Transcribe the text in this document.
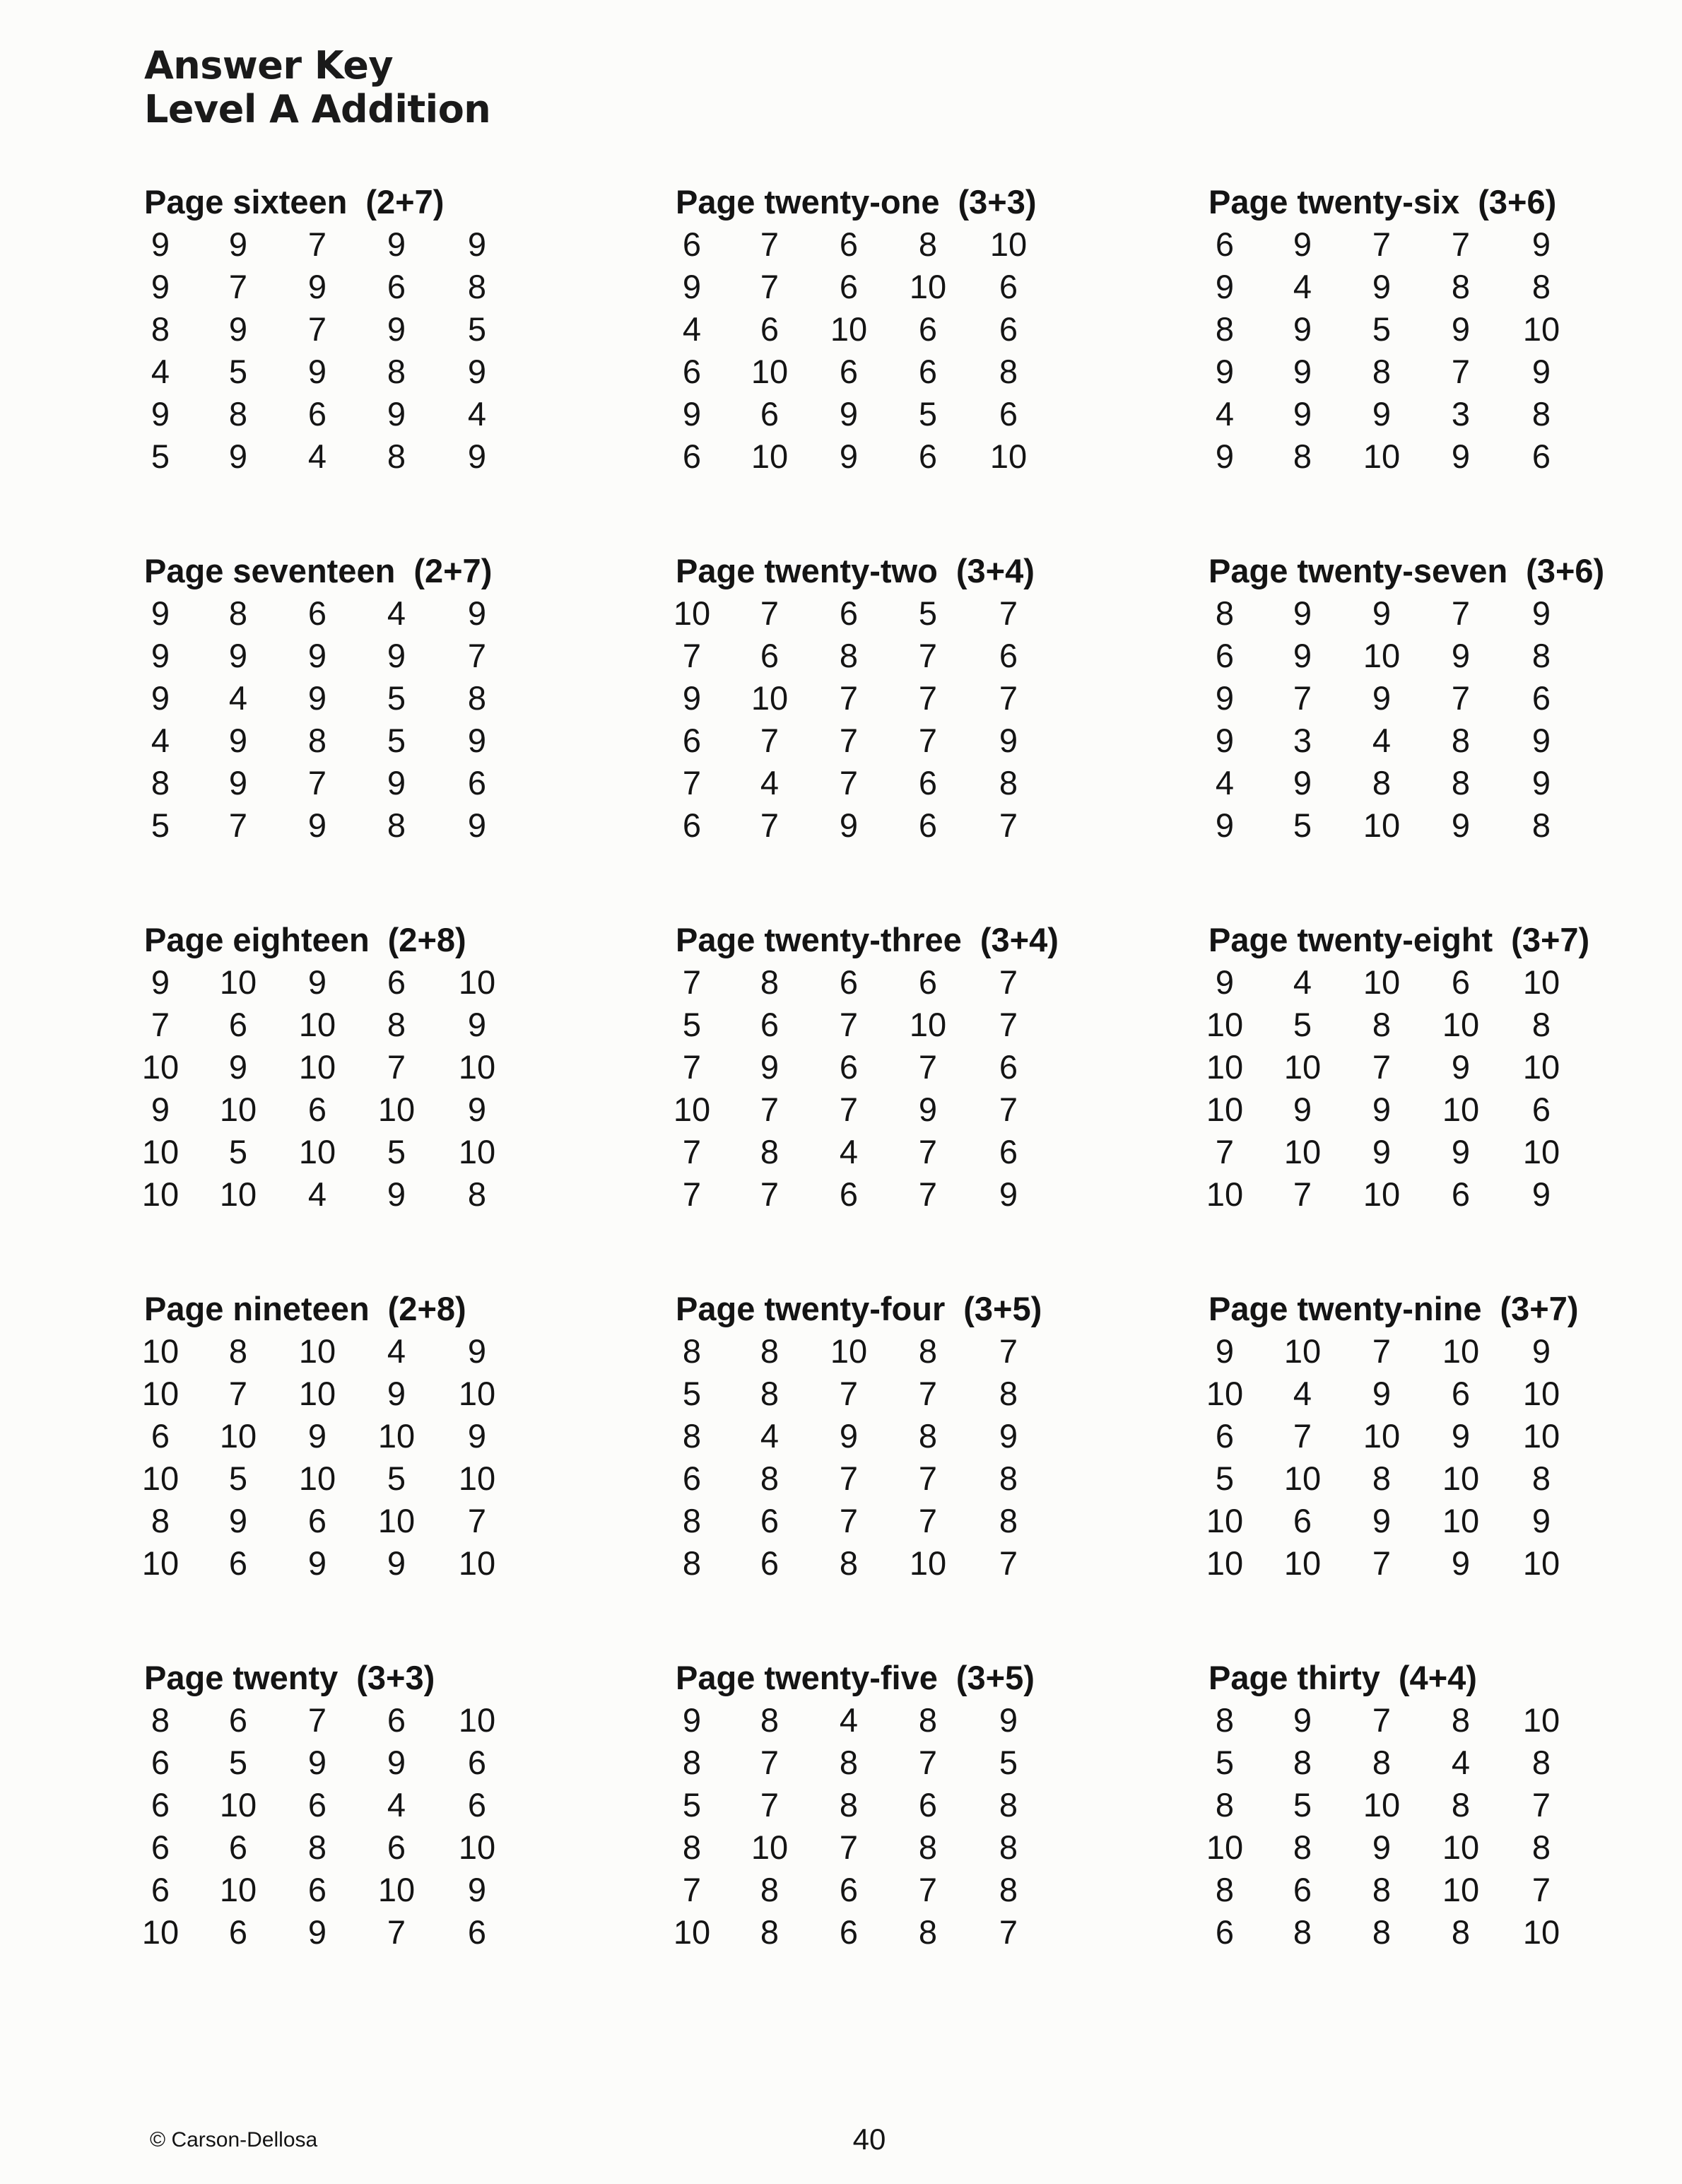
Answer Key
Level A Addition
Page sixteen (2+7)
9	9	7	9	9
9	7	9	6	8
8	9	7	9	5
4	5	9	8	9
9	8	6	9	4
5	9	4	8	9
Page twenty-one (3+3)
6	7	6	8	10
9	7	6	10	6
4	6	10	6	6
6	10	6	6	8
9	6	9	5	6
6	10	9	6	10
Page twenty-six (3+6)
6	9	7	7	9
9	4	9	8	8
8	9	5	9	10
9	9	8	7	9
4	9	9	3	8
9	8	10	9	6
Page seventeen (2+7)
9	8	6	4	9
9	9	9	9	7
9	4	9	5	8
4	9	8	5	9
8	9	7	9	6
5	7	9	8	9
Page twenty-two (3+4)
10	7	6	5	7
7	6	8	7	6
9	10	7	7	7
6	7	7	7	9
7	4	7	6	8
6	7	9	6	7
Page twenty-seven (3+6)
8	9	9	7	9
6	9	10	9	8
9	7	9	7	6
9	3	4	8	9
4	9	8	8	9
9	5	10	9	8
Page eighteen (2+8)
9	10	9	6	10
7	6	10	8	9
10	9	10	7	10
9	10	6	10	9
10	5	10	5	10
10	10	4	9	8
Page twenty-three (3+4)
7	8	6	6	7
5	6	7	10	7
7	9	6	7	6
10	7	7	9	7
7	8	4	7	6
7	7	6	7	9
Page twenty-eight (3+7)
9	4	10	6	10
10	5	8	10	8
10	10	7	9	10
10	9	9	10	6
7	10	9	9	10
10	7	10	6	9
Page nineteen (2+8)
10	8	10	4	9
10	7	10	9	10
6	10	9	10	9
10	5	10	5	10
8	9	6	10	7
10	6	9	9	10
Page twenty-four (3+5)
8	8	10	8	7
5	8	7	7	8
8	4	9	8	9
6	8	7	7	8
8	6	7	7	8
8	6	8	10	7
Page twenty-nine (3+7)
9	10	7	10	9
10	4	9	6	10
6	7	10	9	10
5	10	8	10	8
10	6	9	10	9
10	10	7	9	10
Page twenty (3+3)
8	6	7	6	10
6	5	9	9	6
6	10	6	4	6
6	6	8	6	10
6	10	6	10	9
10	6	9	7	6
Page twenty-five (3+5)
9	8	4	8	9
8	7	8	7	5
5	7	8	6	8
8	10	7	8	8
7	8	6	7	8
10	8	6	8	7
Page thirty (4+4)
8	9	7	8	10
5	8	8	4	8
8	5	10	8	7
10	8	9	10	8
8	6	8	10	7
6	8	8	8	10
© Carson-Dellosa	40
